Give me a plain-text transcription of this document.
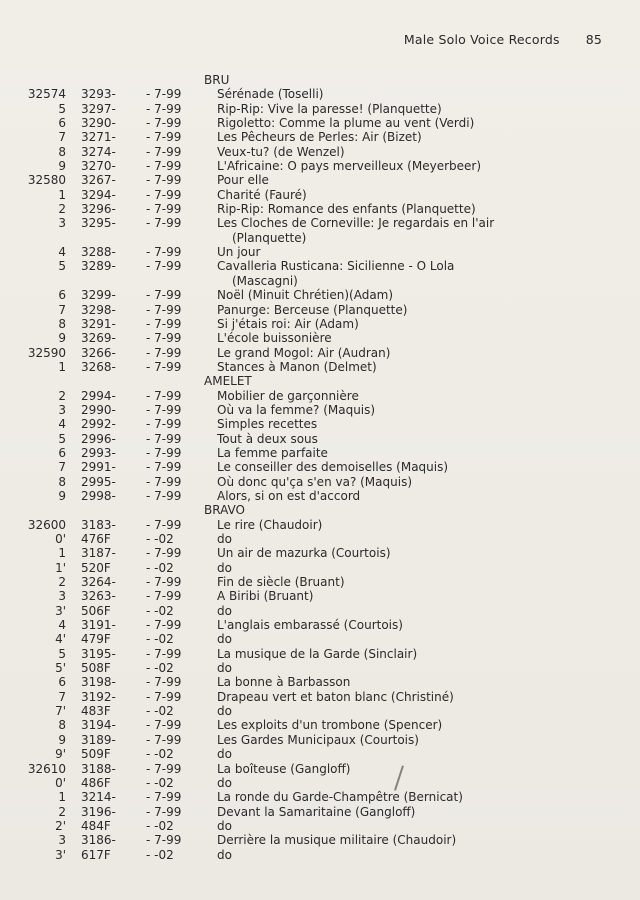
Male Solo Voice Records 85
BRU
32574 3293-	- 7-99	Sérénade (Toselli)
5 3297-	- 7-99	Rip-Rip: Vive la paresse! (Planquette)
6 3290-	- 7-99	Rigoletto: Comme la plume au vent (Verdi)
7 3271-	- 7-99	Les Pêcheurs de Perles: Air (Bizet)
8 3274-	- 7-99	Veux-tu? (de Wenzel)
9 3270-	- 7-99	L'Africaine: O pays merveilleux (Meyerbeer)
32580 3267-	- 7-99	Pour elle
1 3294-	- 7-99	Charité (Fauré)
2 3296-	- 7-99	Rip-Rip: Romance des enfants (Planquette)
3 3295-	- 7-99	Les Cloches de Corneville: Je regardais en l'air
(Planquette)
4 3288-	- 7-99	Un jour
5 3289-	- 7-99	Cavalleria Rusticana: Sicilienne - O Lola
(Mascagni)
6 3299-	- 7-99	Noël (Minuit Chrétien)(Adam)
7 3298-	- 7-99	Panurge: Berceuse (Planquette)
8 3291-	- 7-99	Si j'étais roi: Air (Adam)
9 3269-	- 7-99	L'école buissonière
32590 3266-	- 7-99	Le grand Mogol: Air (Audran)
1 3268-	- 7-99	Stances à Manon (Delmet)
AMELET
2 2994-	- 7-99	Mobilier de garçonnière
3 2990-	- 7-99	Où va la femme? (Maquis)
4 2992-	- 7-99	Simples recettes
5 2996-	- 7-99	Tout à deux sous
6 2993-	- 7-99	La femme parfaite
7 2991-	- 7-99	Le conseiller des demoiselles (Maquis)
8 2995-	- 7-99	Où donc qu'ça s'en va? (Maquis)
9 2998-	- 7-99	Alors, si on est d'accord
BRAVO
32600 3183-	- 7-99	Le rire (Chaudoir)
0' 476F	- -02	do
1 3187-	- 7-99	Un air de mazurka (Courtois)
1' 520F	- -02	do
2 3264-	- 7-99	Fin de siècle (Bruant)
3 3263-	- 7-99	A Biribi (Bruant)
3' 506F	- -02	do
4 3191-	- 7-99	L'anglais embarassé (Courtois)
4' 479F	- -02	do
5 3195-	- 7-99	La musique de la Garde (Sinclair)
5' 508F	- -02	do
6 3198-	- 7-99	La bonne à Barbasson
7 3192-	- 7-99	Drapeau vert et baton blanc (Christiné)
7' 483F	- -02	do
8 3194-	- 7-99	Les exploits d'un trombone (Spencer)
9 3189-	- 7-99	Les Gardes Municipaux (Courtois)
9' 509F	- -02	do
32610 3188-	- 7-99	La boîteuse (Gangloff)
0' 486F	- -02	do
1 3214-	- 7-99	La ronde du Garde-Champêtre (Bernicat)
2 3196-	- 7-99	Devant la Samaritaine (Gangloff)
2' 484F	- -02	do
3 3186-	- 7-99	Derrière la musique militaire (Chaudoir)
3' 617F	- -02	do
